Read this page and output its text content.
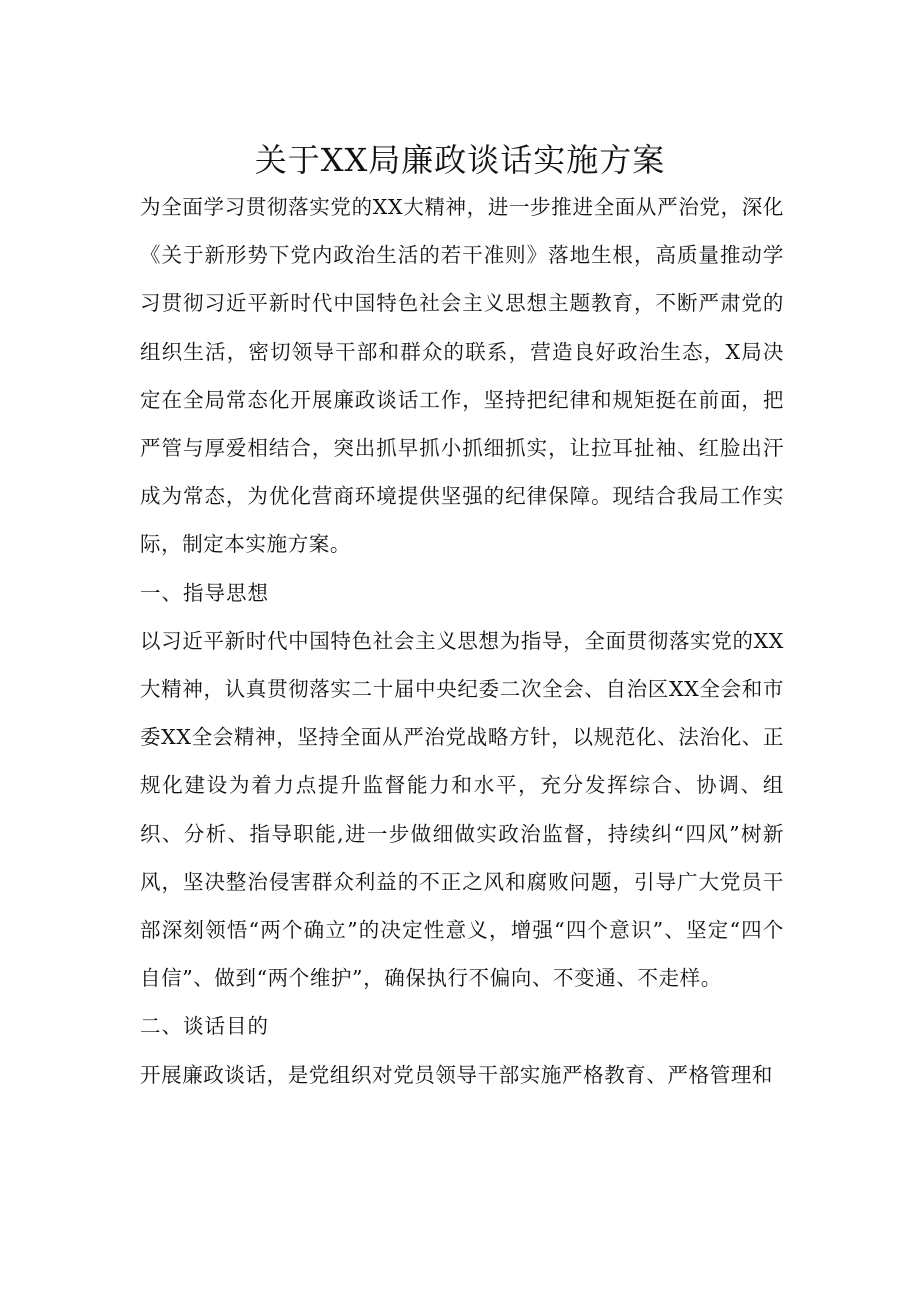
关于XX局廉政谈话实施方案

为全面学习贯彻落实党的XX大精神，进一步推进全面从严治党，深化《关于新形势下党内政治生活的若干准则》落地生根，高质量推动学习贯彻习近平新时代中国特色社会主义思想主题教育，不断严肃党的组织生活，密切领导干部和群众的联系，营造良好政治生态，X局决定在全局常态化开展廉政谈话工作，坚持把纪律和规矩挺在前面，把严管与厚爱相结合，突出抓早抓小抓细抓实，让拉耳扯袖、红脸出汗成为常态，为优化营商环境提供坚强的纪律保障。现结合我局工作实际，制定本实施方案。

一、指导思想

以习近平新时代中国特色社会主义思想为指导，全面贯彻落实党的XX大精神，认真贯彻落实二十届中央纪委二次全会、自治区XX全会和市委XX全会精神，坚持全面从严治党战略方针，以规范化、法治化、正规化建设为着力点提升监督能力和水平，充分发挥综合、协调、组织、分析、指导职能,进一步做细做实政治监督，持续纠“四风”树新风，坚决整治侵害群众利益的不正之风和腐败问题，引导广大党员干部深刻领悟“两个确立”的决定性意义，增强“四个意识”、坚定“四个自信”、做到“两个维护”，确保执行不偏向、不变通、不走样。

二、谈话目的

开展廉政谈话，是党组织对党员领导干部实施严格教育、严格管理和
